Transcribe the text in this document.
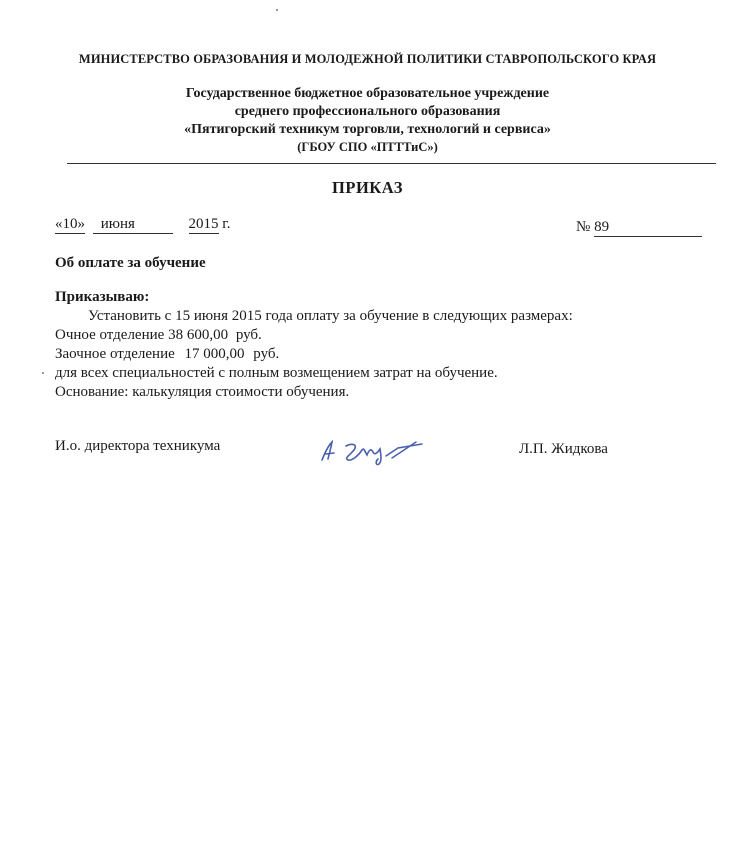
МИНИСТЕРСТВО ОБРАЗОВАНИЯ И МОЛОДЕЖНОЙ ПОЛИТИКИ СТАВРОПОЛЬСКОГО КРАЯ
Государственное бюджетное образовательное учреждение
среднего профессионального образования
«Пятигорский техникум торговли, технологий и сервиса»
(ГБОУ СПО «ПТТТиС»)
ПРИКАЗ
«10» июня	2015 г.	№ 89
Об оплате за обучение
Приказываю:
Установить с 15 июня 2015 года оплату за обучение в следующих размерах:
Очное отделение 38 600,00 руб.
Заочное отделение 17 000,00 руб.
для всех специальностей с полным возмещением затрат на обучение.
Основание: калькуляция стоимости обучения.
И.о. директора техникума	Л.П. Жидкова
